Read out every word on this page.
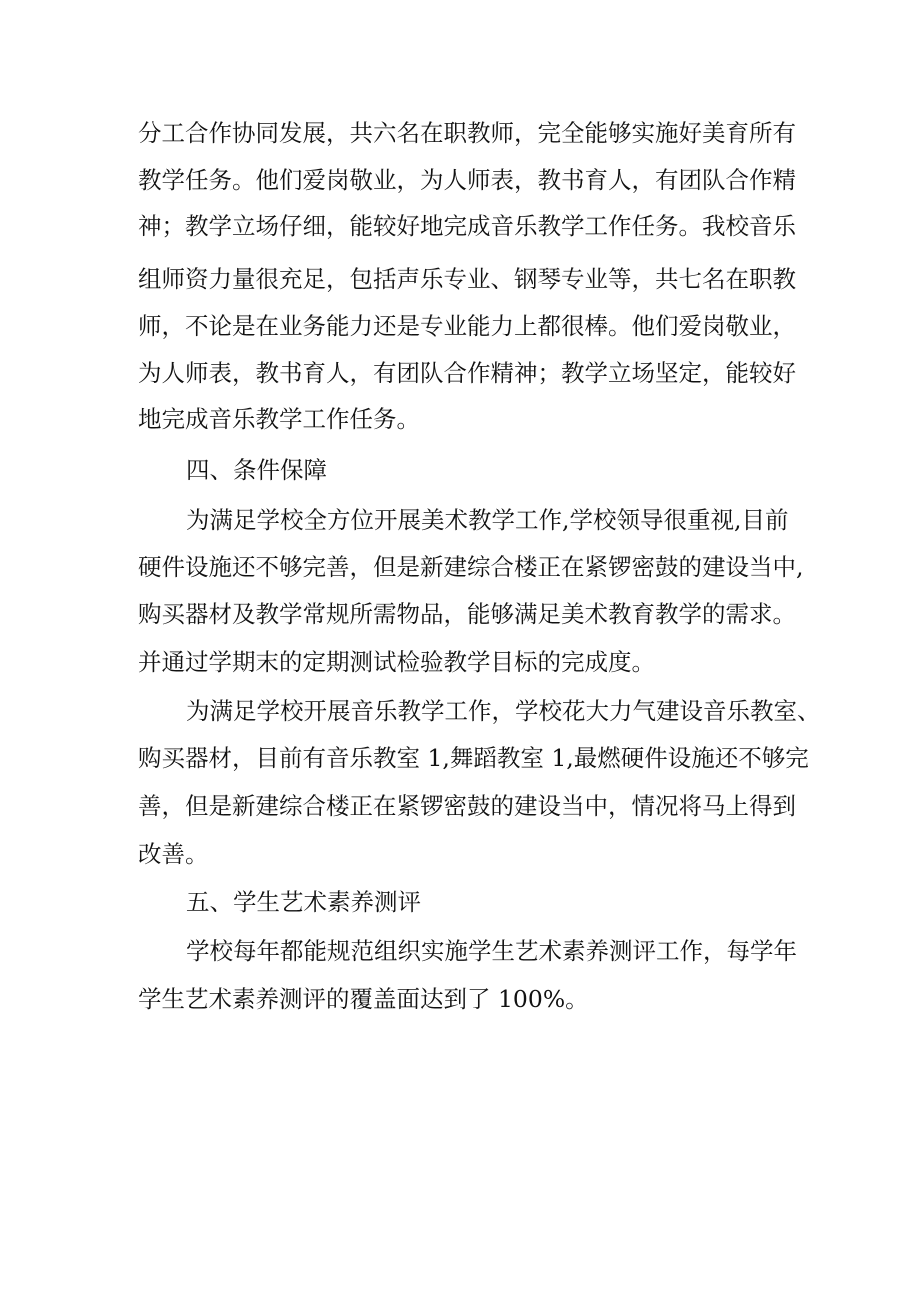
分工合作协同发展，共六名在职教师，完全能够实施好美育所有
教学任务。他们爱岗敬业，为人师表，教书育人，有团队合作精
神；教学立场仔细，能较好地完成音乐教学工作任务。我校音乐
组师资力量很充足，包括声乐专业、钢琴专业等，共七名在职教
师，不论是在业务能力还是专业能力上都很棒。他们爱岗敬业，
为人师表，教书育人，有团队合作精神；教学立场坚定，能较好
地完成音乐教学工作任务。
四、条件保障
为满足学校全方位开展美术教学工作,学校领导很重视,目前
硬件设施还不够完善，但是新建综合楼正在紧锣密鼓的建设当中,
购买器材及教学常规所需物品，能够满足美术教育教学的需求。
并通过学期末的定期测试检验教学目标的完成度。
为满足学校开展音乐教学工作，学校花大力气建设音乐教室、
购买器材，目前有音乐教室 1,舞蹈教室 1,最燃硬件设施还不够完
善，但是新建综合楼正在紧锣密鼓的建设当中，情况将马上得到
改善。
五、学生艺术素养测评
学校每年都能规范组织实施学生艺术素养测评工作，每学年
学生艺术素养测评的覆盖面达到了 100%。
